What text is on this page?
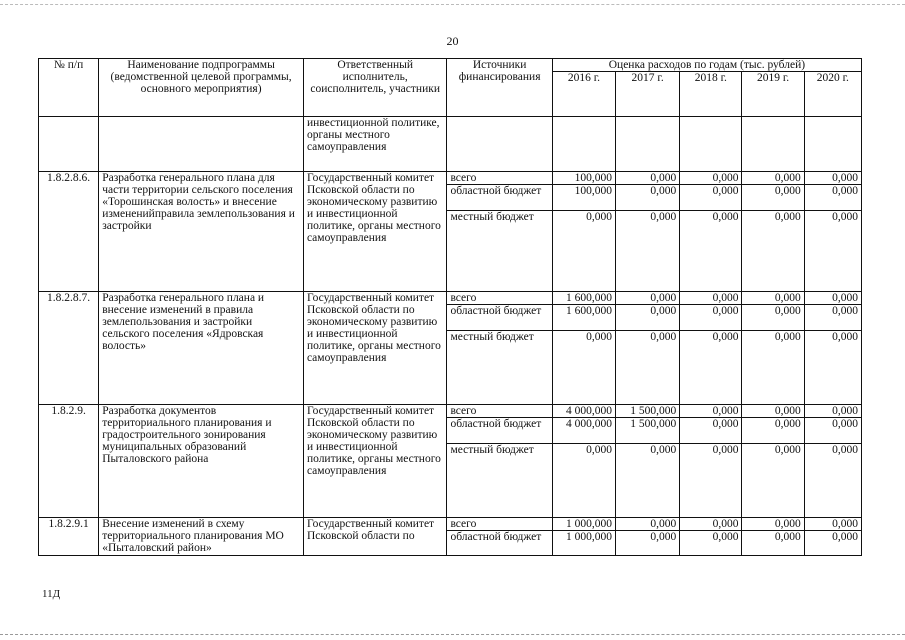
20
№ п/п	Наименование подпрограммы (ведомственной целевой программы, основного мероприятия)	Ответственный исполнитель, соисполнитель, участники	Источники финансирования	Оценка расходов по годам (тыс. рублей)				
				2016 г.	2017 г.	2018 г.	2019 г.	2020 г.
		инвестиционной политике, органы местного самоуправления						
1.8.2.8.6.	Разработка генерального плана для части территории сельского поселения «Торошинская волость» и внесение измененийправила землепользования и застройки	Государственный комитет Псковской области по экономическому развитию и инвестиционной политике, органы местного самоуправления	всего	100,000	0,000	0,000	0,000	0,000
			областной бюджет	100,000	0,000	0,000	0,000	0,000
			местный бюджет	0,000	0,000	0,000	0,000	0,000
1.8.2.8.7.	Разработка генерального плана и внесение изменений в правила землепользования и застройки сельского поселения «Ядровская волость»	Государственный комитет Псковской области по экономическому развитию и инвестиционной политике, органы местного самоуправления	всего	1 600,000	0,000	0,000	0,000	0,000
			областной бюджет	1 600,000	0,000	0,000	0,000	0,000
			местный бюджет	0,000	0,000	0,000	0,000	0,000
1.8.2.9.	Разработка документов территориального планирования и градостроительного зонирования муниципальных образований Пыталовского района	Государственный комитет Псковской области по экономическому развитию и инвестиционной политике, органы местного самоуправления	всего	4 000,000	1 500,000	0,000	0,000	0,000
			областной бюджет	4 000,000	1 500,000	0,000	0,000	0,000
			местный бюджет	0,000	0,000	0,000	0,000	0,000
1.8.2.9.1	Внесение изменений в схему территориального планирования МО «Пыталовский район»	Государственный комитет Псковской области по	всего	1 000,000	0,000	0,000	0,000	0,000
			областной бюджет	1 000,000	0,000	0,000	0,000	0,000
11Д
